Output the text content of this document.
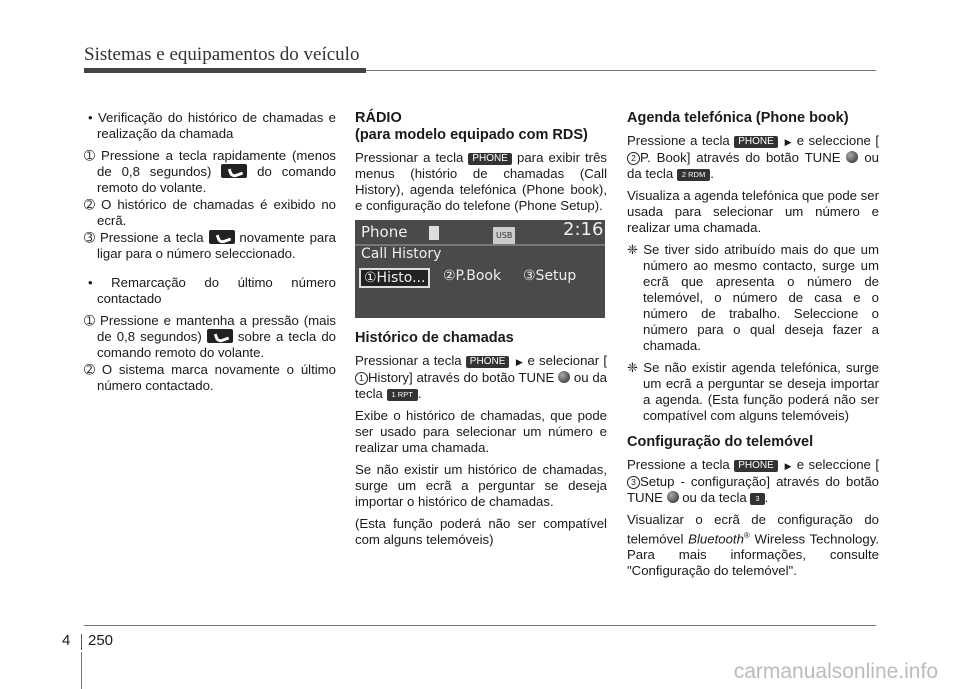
Sistemas e equipamentos do veículo
• Verificação do histórico de chamadas e realização da chamada
➀ Pressione a tecla rapidamente (menos de 0,8 segundos)  do comando remoto do volante.
➁ O histórico de chamadas é exibido no ecrã.
➂ Pressione a tecla  novamente para ligar para o número seleccionado.
• Remarcação do último número contactado
➀ Pressione e mantenha a pressão (mais de 0,8 segundos)  sobre a tecla do comando remoto do volante.
➁ O sistema marca novamente o último número contactado.
RÁDIO
(para modelo equipado com RDS)
Pressionar a tecla PHONE para exibir três menus (histório de chamadas (Call History), agenda telefónica (Phone book), e configuração do telefone (Phone Setup).
Phone	USB	2:16
Call History
①Histo...	②P.Book ③Setup
Histórico de chamadas
Pressionar a tecla PHONE ▶ e selecionar [1 History] através do botão TUNE  ou da tecla 1 RPT .
Exibe o histórico de chamadas, que pode ser usado para selecionar um número e realizar uma chamada.
Se não existir um histórico de chamadas, surge um ecrã a perguntar se deseja importar o histórico de chamadas.
(Esta função poderá não ser compatível com alguns telemóveis)
Agenda telefónica (Phone book)
Pressione a tecla PHONE ▶ e seleccione [2 P. Book] através do botão TUNE  ou da tecla 2 RDM .
Visualiza a agenda telefónica que pode ser usada para selecionar um número e realizar uma chamada.
❈ Se tiver sido atribuído mais do que um número ao mesmo contacto, surge um ecrã que apresenta o número de telemóvel, o número de casa e o número de trabalho. Seleccione o número para o qual deseja fazer a chamada.
❈ Se não existir agenda telefónica, surge um ecrã a perguntar se deseja importar a agenda. (Esta função poderá não ser compatível com alguns telemóveis)
Configuração do telemóvel
Pressione a tecla PHONE ▶ e seleccione [3 Setup - configuração] através do botão TUNE  ou da tecla 3 .
Visualizar o ecrã de configuração do telemóvel Bluetooth® Wireless Technology. Para mais informações, consulte "Configuração do telemóvel".
4 250
carmanualsonline.info
